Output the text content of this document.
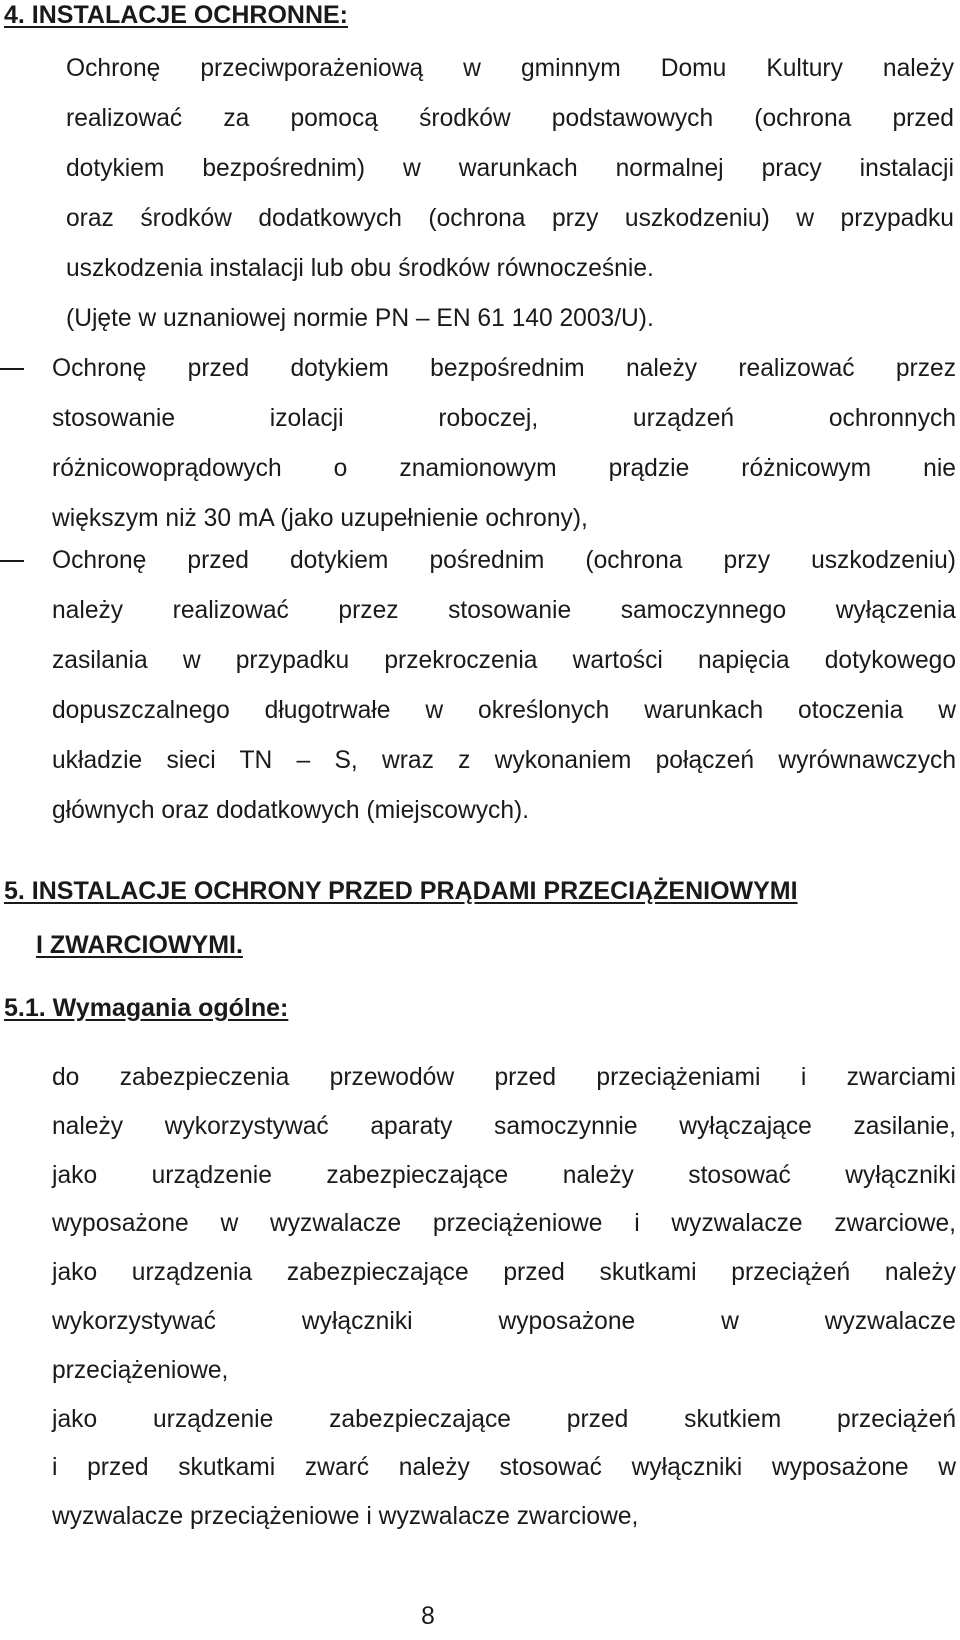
4. INSTALACJE OCHRONNE:

Ochronę przeciwporażeniową w gminnym Domu Kultury należy
realizować za pomocą środków podstawowych (ochrona przed
dotykiem bezpośrednim) w warunkach normalnej pracy instalacji
oraz środków dodatkowych (ochrona przy uszkodzeniu) w przypadku
uszkodzenia instalacji lub obu środków równocześnie.
(Ujęte w uznaniowej normie PN – EN 61 140 2003/U).

Ochronę przed dotykiem bezpośrednim należy realizować przez
stosowanie izolacji roboczej, urządzeń ochronnych
różnicowoprądowych o znamionowym prądzie różnicowym nie
większym niż 30 mA (jako uzupełnienie ochrony),

Ochronę przed dotykiem pośrednim (ochrona przy uszkodzeniu)
należy realizować przez stosowanie samoczynnego wyłączenia
zasilania w przypadku przekroczenia wartości napięcia dotykowego
dopuszczalnego długotrwałe w określonych warunkach otoczenia w
układzie sieci TN – S, wraz z wykonaniem połączeń wyrównawczych
głównych oraz dodatkowych (miejscowych).

5. INSTALACJE OCHRONY PRZED PRĄDAMI PRZECIĄŻENIOWYMI
I ZWARCIOWYMI.
5.1. Wymagania ogólne:

do zabezpieczenia przewodów przed przeciążeniami i zwarciami
należy wykorzystywać aparaty samoczynnie wyłączające zasilanie,
jako urządzenie zabezpieczające należy stosować wyłączniki
wyposażone w wyzwalacze przeciążeniowe i wyzwalacze zwarciowe,
jako urządzenia zabezpieczające przed skutkami przeciążeń należy
wykorzystywać wyłączniki wyposażone w wyzwalacze
przeciążeniowe,
jako urządzenie zabezpieczające przed skutkiem przeciążeń
i przed skutkami zwarć należy stosować wyłączniki wyposażone w
wyzwalacze przeciążeniowe i wyzwalacze zwarciowe,

8
